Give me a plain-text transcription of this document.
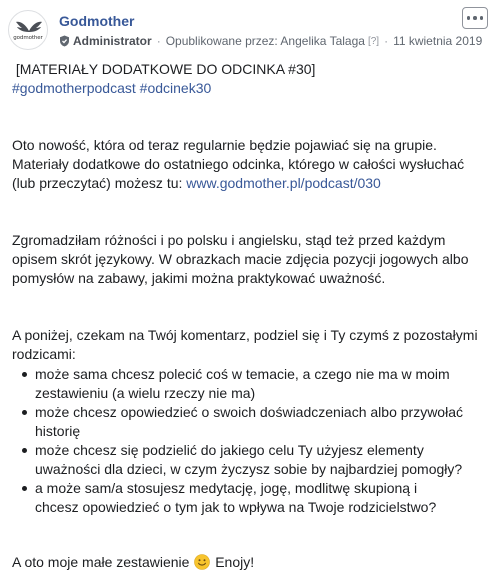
godmother
Godmother
Administrator · Opublikowane przez: Angelika Talaga [?] · 11 kwietnia 2019

[MATERIAŁY DODATKOWE DO ODCINKA #30]

#godmotherpodcast #odcinek30

Oto nowość, która od teraz regularnie będzie pojawiać się na grupie.
Materiały dodatkowe do ostatniego odcinka, którego w całości wysłuchać
(lub przeczytać) możesz tu: www.godmother.pl/podcast/030

Zgromadziłam różności i po polsku i angielsku, stąd też przed każdym
opisem skrót językowy. W obrazkach macie zdjęcia pozycji jogowych albo
pomysłów na zabawy, jakimi można praktykować uważność.

A poniżej, czekam na Twój komentarz, podziel się i Ty czymś z pozostałymi
rodzicami:

może sama chcesz polecić coś w temacie, a czego nie ma w moim
zestawieniu (a wielu rzeczy nie ma)
może chcesz opowiedzieć o swoich doświadczeniach albo przywołać
historię
może chcesz się podzielić do jakiego celu Ty użyjesz elementy
uważności dla dzieci, w czym życzysz sobie by najbardziej pomogły?
a może sam/a stosujesz medytację, jogę, modlitwę skupioną i
chcesz opowiedzieć o tym jak to wpływa na Twoje rodzicielstwo?

A oto moje małe zestawienie  Enojy!
